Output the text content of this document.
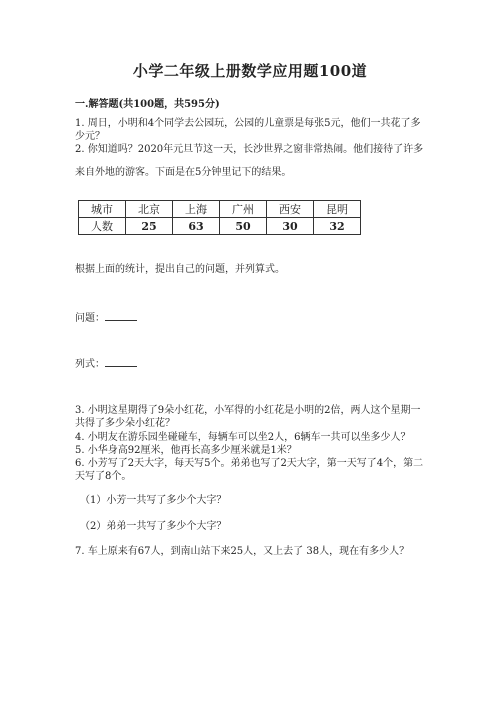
小学二年级上册数学应用题100道
一.解答题(共100题，共595分)
1. 周日，小明和4个同学去公园玩，公园的儿童票是每张5元，他们一共花了多少元？
2. 你知道吗？2020年元旦节这一天，长沙世界之窗非常热闹。他们接待了许多
来自外地的游客。下面是在5分钟里记下的结果。
城市	北京	上海	广州	西安	昆明
人数	25	63	50	30	32
根据上面的统计，提出自己的问题，并列算式。
问题：
列式：
3. 小明这星期得了9朵小红花，小军得的小红花是小明的2倍，两人这个星期一共得了多少朵小红花？
4. 小明友在游乐园坐碰碰车，每辆车可以坐2人，6辆车一共可以坐多少人？
5. 小华身高92厘米，他再长高多少厘米就是1米？
6. 小芳写了2天大字，每天写5个。弟弟也写了2天大字，第一天写了4个，第二天写了8个。
（1）小芳一共写了多少个大字？
（2）弟弟一共写了多少个大字？
7. 车上原来有67人，到南山站下来25人，又上去了 38人，现在有多少人？
